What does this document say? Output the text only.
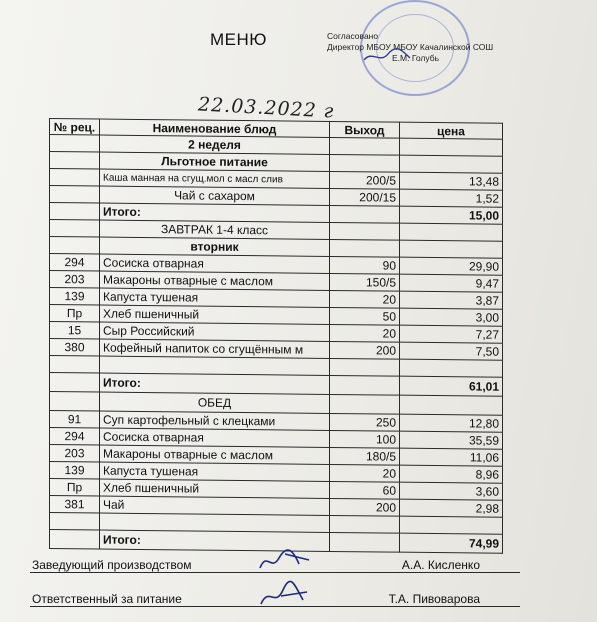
МЕНЮ	Согласовано
Директор МБОУ МБОУ Качалинской СОШ
Е.М. Голубь
22.03.2022 г
№ рец.	Наименование блюд	Выход	цена
	2 неделя		
	Льготное питание		
	Каша манная на сгущ.мол с масл слив	200/5	13,48
	Чай с сахаром	200/15	1,52
	Итого:		15,00
	ЗАВТРАК 1-4 класс		
	вторник		
294	Сосиска отварная	90	29,90
203	Макароны отварные с маслом	150/5	9,47
139	Капуста тушеная	20	3,87
Пр	Хлеб пшеничный	50	3,00
15	Сыр Российский	20	7,27
380	Кофейный напиток со сгущённым м	200	7,50

	Итого:		61,01
	ОБЕД		
91	Суп картофельный с клецками	250	12,80
294	Сосиска отварная	100	35,59
203	Макароны отварные с маслом	180/5	11,06
139	Капуста тушеная	20	8,96
Пр	Хлеб пшеничный	60	3,60
381	Чай	200	2,98

	Итого:		74,99
Заведующий производством	А.А. Кисленко
Ответственный за питание	Т.А. Пивоварова
